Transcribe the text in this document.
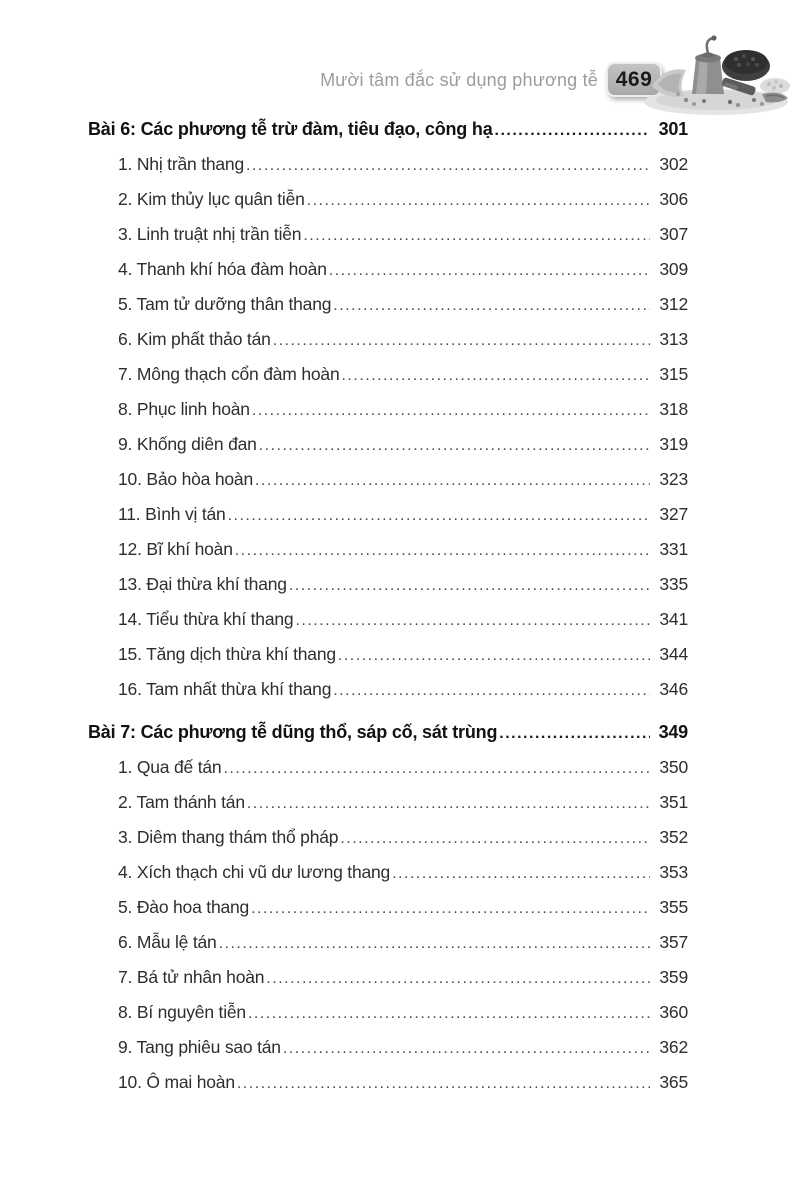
Mười tâm đắc sử dụng phương tễ 469
Bài 6: Các phương tễ trừ đàm, tiêu đạo, công hạ .....	301
1. Nhị trần thang .....	302
2. Kim thủy lục quân tiễn .....	306
3. Linh truật nhị trần tiễn .....	307
4. Thanh khí hóa đàm hoàn .....	309
5. Tam tử dưỡng thân thang .....	312
6. Kim phất thảo tán .....	313
7. Mông thạch cổn đàm hoàn .....	315
8. Phục linh hoàn .....	318
9. Khống diên đan .....	319
10. Bảo hòa hoàn .....	323
11. Bình vị tán .....	327
12. Bĩ khí hoàn .....	331
13. Đại thừa khí thang .....	335
14. Tiểu thừa khí thang .....	341
15. Tăng dịch thừa khí thang .....	344
16. Tam nhất thừa khí thang .....	346
Bài 7: Các phương tễ dũng thổ, sáp cố, sát trùng .....	349
1. Qua đế tán .....	350
2. Tam thánh tán .....	351
3. Diêm thang thám thổ pháp .....	352
4. Xích thạch chi vũ dư lương thang .....	353
5. Đào hoa thang .....	355
6. Mẫu lệ tán .....	357
7. Bá tử nhân hoàn .....	359
8. Bí nguyên tiễn .....	360
9. Tang phiêu sao tán .....	362
10. Ô mai hoàn .....	365
